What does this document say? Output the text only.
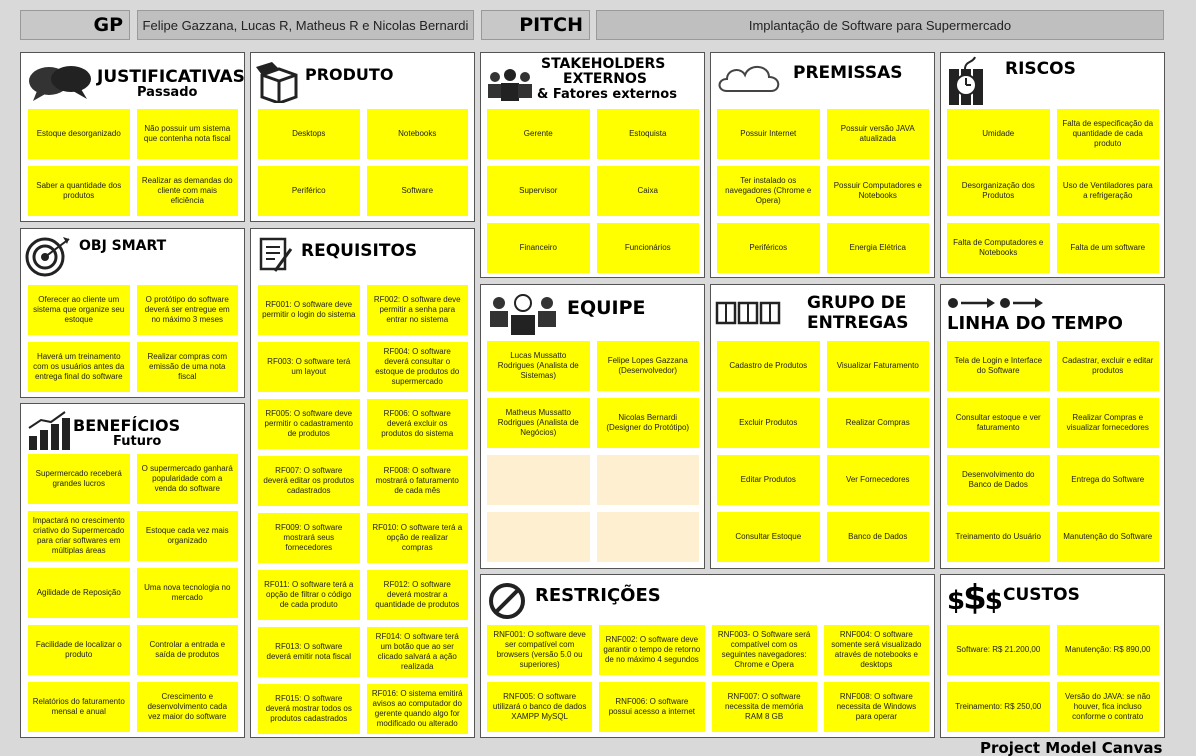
GP	Felipe Gazzana, Lucas R, Matheus R e Nicolas Bernardi	PITCH	Implantação de Software para Supermercado
JUSTIFICATIVAS
Passado
Estoque desorganizado
Não possuir um sistema que contenha nota fiscal
Saber a quantidade dos produtos
Realizar as demandas do cliente com mais eficiência
PRODUTO
Desktops	Notebooks
Periférico	Software
STAKEHOLDERS
EXTERNOS
& Fatores externos
Gerente	Estoquista
Supervisor	Caixa
Financeiro	Funcionários
PREMISSAS
Possuir Internet
Possuir versão JAVA atualizada
Ter instalado os navegadores (Chrome e Opera)
Possuir Computadores e Notebooks
Periféricos	Energia Elétrica
RISCOS
Umidade
Falta de especificação da quantidade de cada produto
Desorganização dos Produtos
Uso de Ventiladores para a refrigeração
Falta de Computadores e Notebooks
Falta de um software
OBJ SMART
Oferecer ao cliente um sistema que organize seu estoque
O protótipo do software deverá ser entregue em no máximo 3 meses
Haverá um treinamento com os usuários antes da entrega final do software
Realizar compras com emissão de uma nota fiscal
BENEFÍCIOS
Futuro
Supermercado receberá grandes lucros
O supermercado ganhará popularidade com a venda do software
Impactará no crescimento criativo do Supermercado para criar softwares em múltiplas áreas
Estoque cada vez mais organizado
Agilidade de Reposição
Uma nova tecnologia no mercado
Facilidade de localizar o produto
Controlar a entrada e saída de produtos
Relatórios do faturamento mensal e anual
Crescimento e desenvolvimento cada vez maior do software
REQUISITOS
RF001: O software deve permitir o login do sistema
RF002: O software deve permitir a senha para entrar no sistema
RF003: O software terá um layout
RF004: O software deverá consultar o estoque de produtos do supermercado
RF005: O software deve permitir o cadastramento de produtos
RF006: O software deverá excluir os produtos do sistema
RF007: O software deverá editar os produtos cadastrados
RF008: O software mostrará o faturamento de cada mês
RF009: O software mostrará seus fornecedores
RF010: O software terá a opção de realizar compras
RF011: O software terá a opção de filtrar o código de cada produto
RF012: O software deverá mostrar a quantidade de produtos
RF013: O software deverá emitir nota fiscal
RF014: O software terá um botão que ao ser clicado salvará a ação realizada
RF015: O software deverá mostrar todos os produtos cadastrados
RF016: O sistema emitirá avisos ao computador do gerente quando algo for modificado ou alterado
EQUIPE
Lucas Mussatto Rodrigues (Analista de Sistemas)
Felipe Lopes Gazzana (Desenvolvedor)
Matheus Mussatto Rodrigues (Analista de Negócios)
Nicolas Bernardi (Designer do Protótipo)
GRUPO DE
ENTREGAS
Cadastro de Produtos	Visualizar Faturamento
Excluir Produtos	Realizar Compras
Editar Produtos	Ver Fornecedores
Consultar Estoque	Banco de Dados
LINHA DO TEMPO
Tela de Login e Interface do Software
Cadastrar, excluir e editar produtos
Consultar estoque e ver faturamento
Realizar Compras e visualizar fornecedores
Desenvolvimento do Banco de Dados
Entrega do Software
Treinamento do Usuário	Manutenção do Software
RESTRIÇÕES
RNF001: O software deve ser compatível com browsers (versão 5.0 ou superiores)
RNF002: O software deve garantir o tempo de retorno de no máximo 4 segundos
RNF003- O Software será compatível com os seguintes navegadores: Chrome e Opera
RNF004: O software somente será visualizado através de notebooks e desktops
RNF005: O software utilizará o banco de dados XAMPP MySQL
RNF006: O software possui acesso a internet
RNF007: O software necessita de memória RAM 8 GB
RNF008: O software necessita de Windows para operar
$$$ CUSTOS
Software: R$ 21.200,00	Manutenção: R$ 890,00
Treinamento: R$ 250,00
Versão do JAVA: se não houver, fica incluso conforme o contrato
Project Model Canvas
